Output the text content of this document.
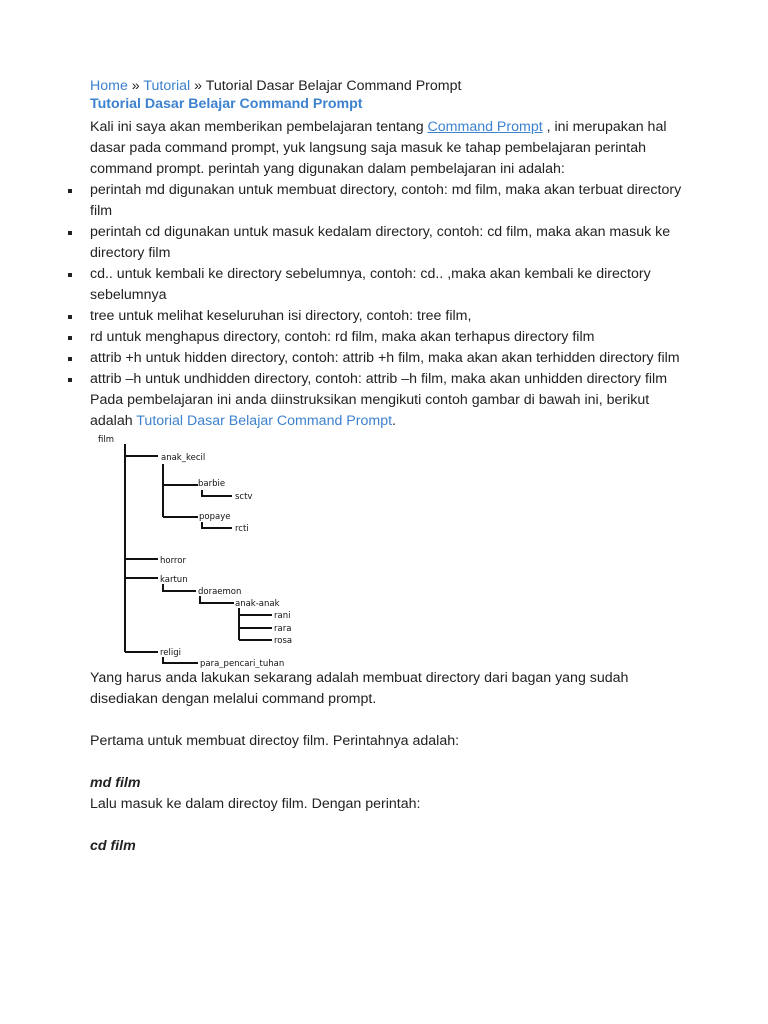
Home » Tutorial » Tutorial Dasar Belajar Command Prompt
Tutorial Dasar Belajar Command Prompt

Kali ini saya akan memberikan pembelajaran tentang Command Prompt , ini merupakan hal dasar pada command prompt, yuk langsung saja masuk ke tahap pembelajaran perintah command prompt. perintah yang digunakan dalam pembelajaran ini adalah:

perintah md digunakan untuk membuat directory, contoh: md film, maka akan terbuat directory film
perintah cd digunakan untuk masuk kedalam directory, contoh: cd film, maka akan masuk ke directory film
cd.. untuk kembali ke directory sebelumnya, contoh: cd.. ,maka akan kembali ke directory sebelumnya
tree untuk melihat keseluruhan isi directory, contoh: tree film,
rd untuk menghapus directory, contoh: rd film, maka akan terhapus directory film
attrib +h untuk hidden directory, contoh: attrib +h film, maka akan akan terhidden directory film
attrib –h untuk undhidden directory, contoh: attrib –h film, maka akan unhidden directory film

Pada pembelajaran ini anda diinstruksikan mengikuti contoh gambar di bawah ini, berikut adalah Tutorial Dasar Belajar Command Prompt.

film
anak_kecil
barbie
sctv
popaye
rcti
horror
kartun
doraemon
anak-anak
rani
rara
rosa
religi
para_pencari_tuhan

Yang harus anda lakukan sekarang adalah membuat directory dari bagan yang sudah disediakan dengan melalui command prompt.

Pertama untuk membuat directoy film. Perintahnya adalah:

md film

Lalu masuk ke dalam directoy film. Dengan perintah:

cd film
